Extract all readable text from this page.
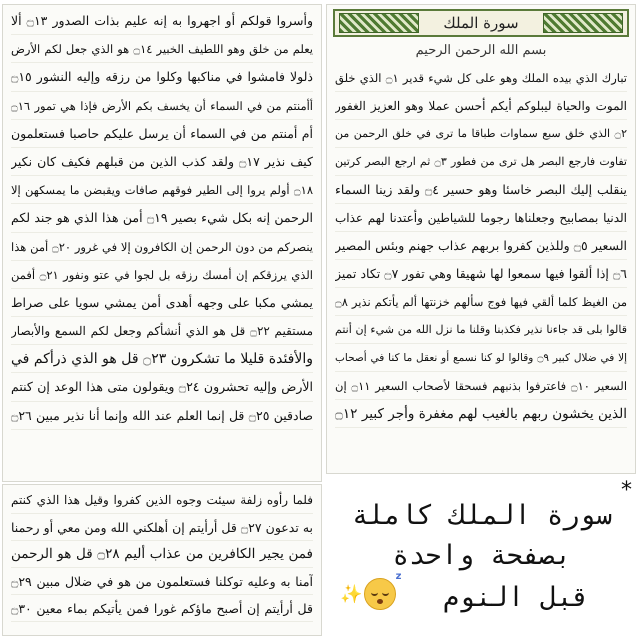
سورة الملك
بسم الله الرحمن الرحيم
تبارك الذي بيده الملك وهو على كل شيء قدير ۝١ الذي خلق
الموت والحياة ليبلوكم أيكم أحسن عملا وهو العزيز الغفور
۝٢ الذي خلق سبع سماوات طباقا ما ترى في خلق الرحمن من
تفاوت فارجع البصر هل ترى من فطور ۝٣ ثم ارجع البصر كرتين
ينقلب إليك البصر خاسئا وهو حسير ۝٤ ولقد زينا السماء
الدنيا بمصابيح وجعلناها رجوما للشياطين وأعتدنا لهم عذاب
السعير ۝٥ وللذين كفروا بربهم عذاب جهنم وبئس المصير
۝٦ إذا ألقوا فيها سمعوا لها شهيقا وهي تفور ۝٧ تكاد تميز
من الغيظ كلما ألقي فيها فوج سألهم خزنتها ألم يأتكم نذير ۝٨
قالوا بلى قد جاءنا نذير فكذبنا وقلنا ما نزل الله من شيء إن أنتم
إلا في ضلال كبير ۝٩ وقالوا لو كنا نسمع أو نعقل ما كنا في أصحاب
السعير ۝١٠ فاعترفوا بذنبهم فسحقا لأصحاب السعير ۝١١ إن
الذين يخشون ربهم بالغيب لهم مغفرة وأجر كبير ۝١٢
وأسروا قولكم أو اجهروا به إنه عليم بذات الصدور ۝١٣ ألا
يعلم من خلق وهو اللطيف الخبير ۝١٤ هو الذي جعل لكم الأرض
ذلولا فامشوا في مناكبها وكلوا من رزقه وإليه النشور ۝١٥
أأمنتم من في السماء أن يخسف بكم الأرض فإذا هي تمور ۝١٦
أم أمنتم من في السماء أن يرسل عليكم حاصبا فستعلمون
كيف نذير ۝١٧ ولقد كذب الذين من قبلهم فكيف كان نكير
۝١٨ أولم يروا إلى الطير فوقهم صافات ويقبضن ما يمسكهن إلا
الرحمن إنه بكل شيء بصير ۝١٩ أمن هذا الذي هو جند لكم
ينصركم من دون الرحمن إن الكافرون إلا في غرور ۝٢٠ أمن هذا
الذي يرزقكم إن أمسك رزقه بل لجوا في عتو ونفور ۝٢١ أفمن
يمشي مكبا على وجهه أهدى أمن يمشي سويا على صراط
مستقيم ۝٢٢ قل هو الذي أنشأكم وجعل لكم السمع والأبصار
والأفئدة قليلا ما تشكرون ۝٢٣ قل هو الذي ذرأكم في
الأرض وإليه تحشرون ۝٢٤ ويقولون متى هذا الوعد إن كنتم
صادقين ۝٢٥ قل إنما العلم عند الله وإنما أنا نذير مبين ۝٢٦
فلما رأوه زلفة سيئت وجوه الذين كفروا وقيل هذا الذي كنتم
به تدعون ۝٢٧ قل أرأيتم إن أهلكني الله ومن معي أو رحمنا
فمن يجير الكافرين من عذاب أليم ۝٢٨ قل هو الرحمن
آمنا به وعليه توكلنا فستعلمون من هو في ضلال مبين ۝٢٩
قل أرأيتم إن أصبح ماؤكم غورا فمن يأتيكم بماء معين ۝٣٠
*
سورة الملك كاملة
بصفحة واحدة
قبل النوم
✨
z
